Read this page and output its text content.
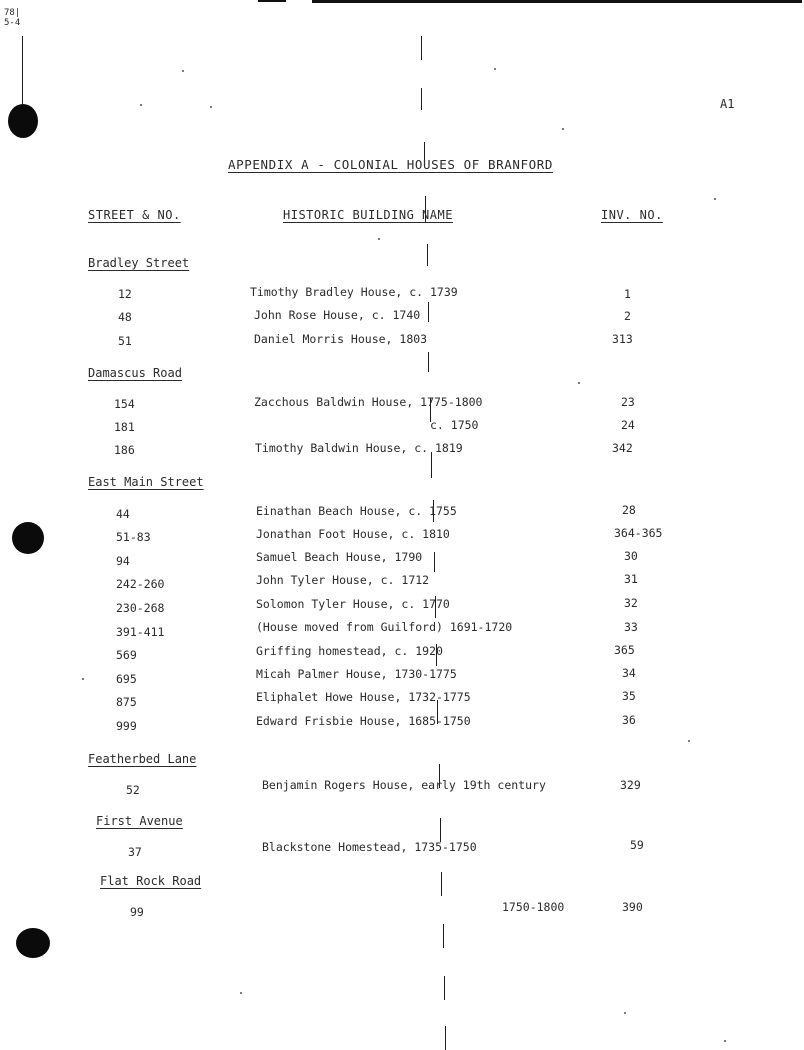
78|
5-4
A1
APPENDIX A - COLONIAL HOUSES OF BRANFORD
STREET & NO.	HISTORIC BUILDING NAME	INV. NO.
Bradley Street
12	Timothy Bradley House, c. 1739	1
48	John Rose House, c. 1740	2
51	Daniel Morris House, 1803	313
Damascus Road
154	Zacchous Baldwin House, 1775-1800	23
181	c. 1750	24
186	Timothy Baldwin House, c. 1819	342
East Main Street
44	Einathan Beach House, c. 1755	28
51-83	Jonathan Foot House, c. 1810	364-365
94	Samuel Beach House, 1790	30
242-260	John Tyler House, c. 1712	31
230-268	Solomon Tyler House, c. 1770	32
391-411	(House moved from Guilford) 1691-1720	33
569	Griffing homestead, c. 1920	365
695	Micah Palmer House, 1730-1775	34
875	Eliphalet Howe House, 1732-1775	35
999	Edward Frisbie House, 1685-1750	36
Featherbed Lane
52	Benjamin Rogers House, early 19th century	329
First Avenue
37	Blackstone Homestead, 1735-1750	59
Flat Rock Road
99	1750-1800	390
